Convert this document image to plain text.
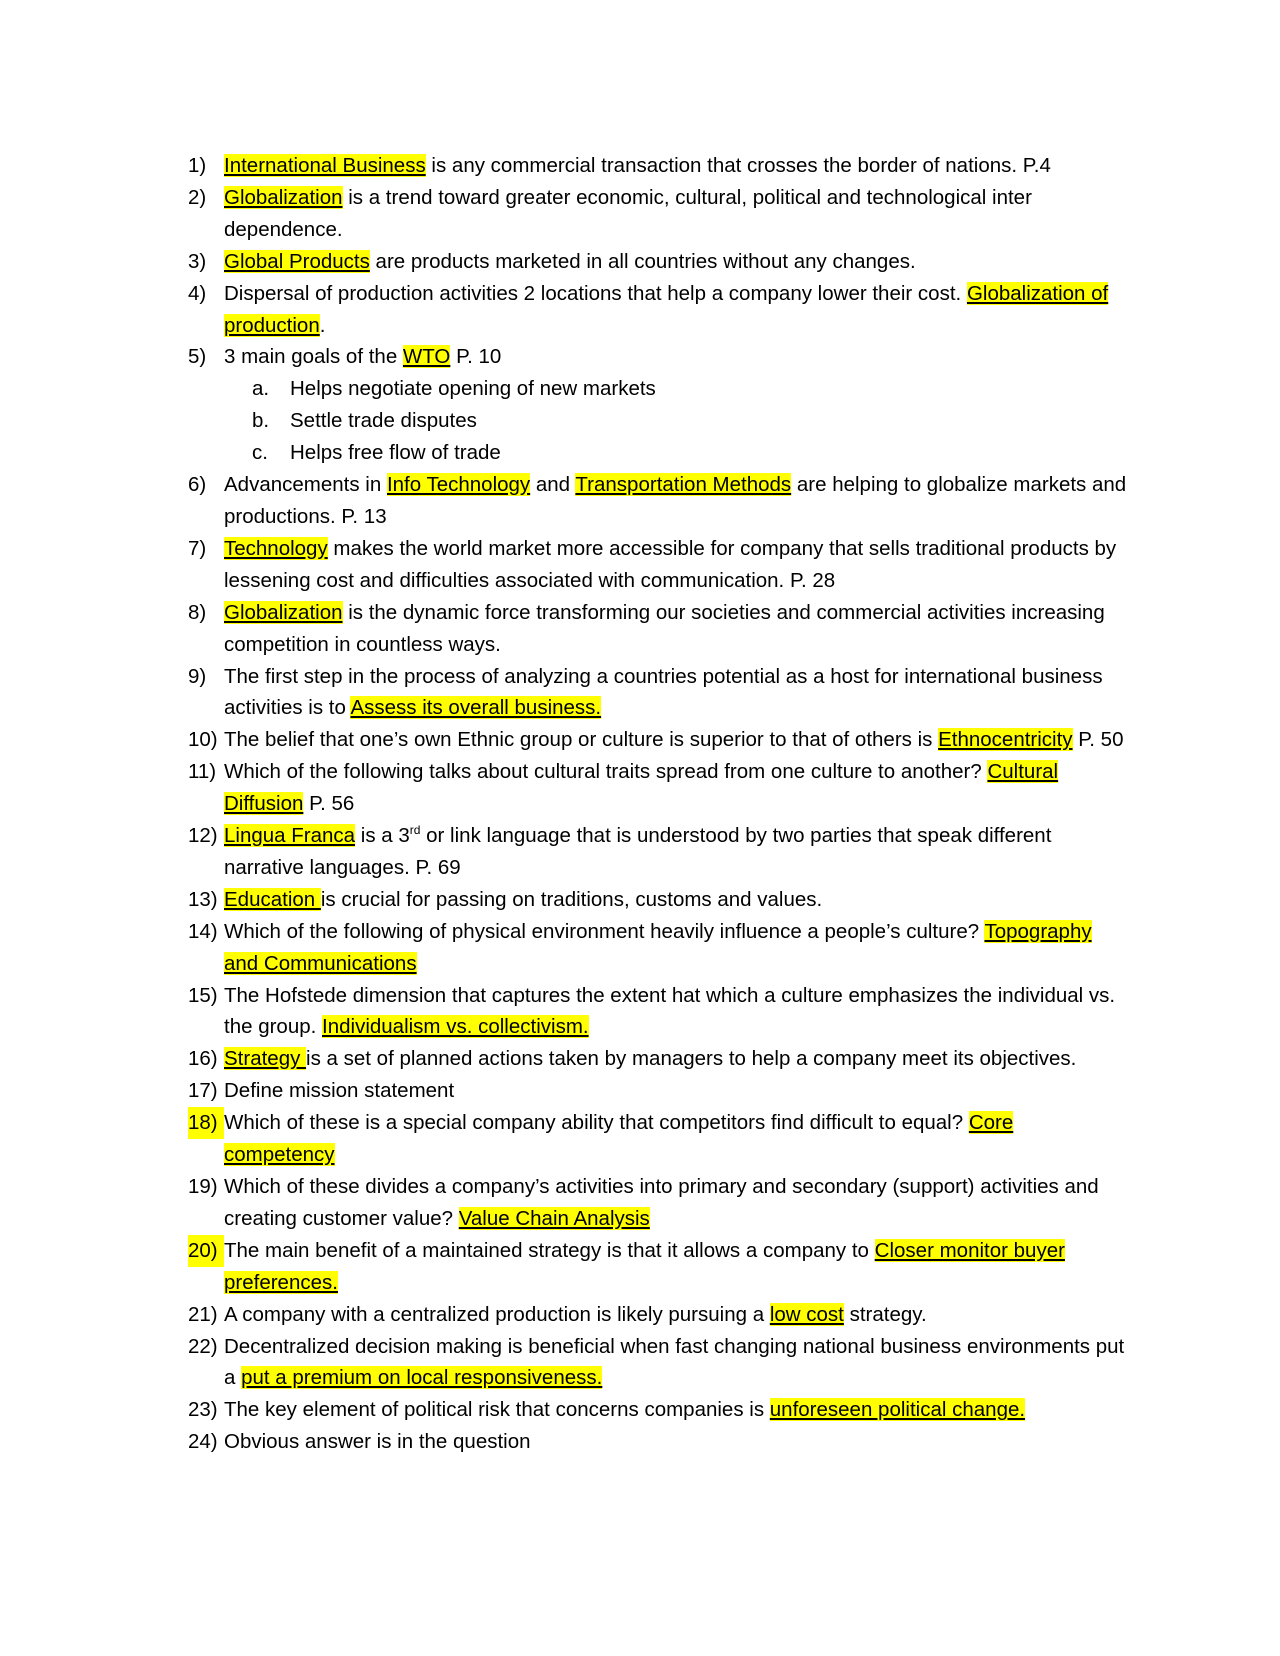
1) International Business is any commercial transaction that crosses the border of nations. P.4
2) Globalization is a trend toward greater economic, cultural, political and technological inter dependence.
3) Global Products are products marketed in all countries without any changes.
4) Dispersal of production activities 2 locations that help a company lower their cost. Globalization of production.
5) 3 main goals of the WTO P. 10
a.	Helps negotiate opening of new markets
b.	Settle trade disputes
c.	Helps free flow of trade
6) Advancements in Info Technology and Transportation Methods are helping to globalize markets and productions. P. 13
7) Technology makes the world market more accessible for company that sells traditional products by lessening cost and difficulties associated with communication. P. 28
8) Globalization is the dynamic force transforming our societies and commercial activities increasing competition in countless ways.
9) The first step in the process of analyzing a countries potential as a host for international business activities is to Assess its overall business.
10) The belief that one’s own Ethnic group or culture is superior to that of others is Ethnocentricity P. 50
11) Which of the following talks about cultural traits spread from one culture to another? Cultural Diffusion P. 56
12) Lingua Franca is a 3rd or link language that is understood by two parties that speak different narrative languages. P. 69
13) Education is crucial for passing on traditions, customs and values.
14) Which of the following of physical environment heavily influence a people’s culture? Topography and Communications
15) The Hofstede dimension that captures the extent hat which a culture emphasizes the individual vs. the group. Individualism vs. collectivism.
16) Strategy is a set of planned actions taken by managers to help a company meet its objectives.
17) Define mission statement
18) Which of these is a special company ability that competitors find difficult to equal? Core competency
19) Which of these divides a company’s activities into primary and secondary (support) activities and creating customer value? Value Chain Analysis
20) The main benefit of a maintained strategy is that it allows a company to Closer monitor buyer preferences.
21) A company with a centralized production is likely pursuing a low cost strategy.
22) Decentralized decision making is beneficial when fast changing national business environments put a put a premium on local responsiveness.
23) The key element of political risk that concerns companies is unforeseen political change.
24) Obvious answer is in the question
